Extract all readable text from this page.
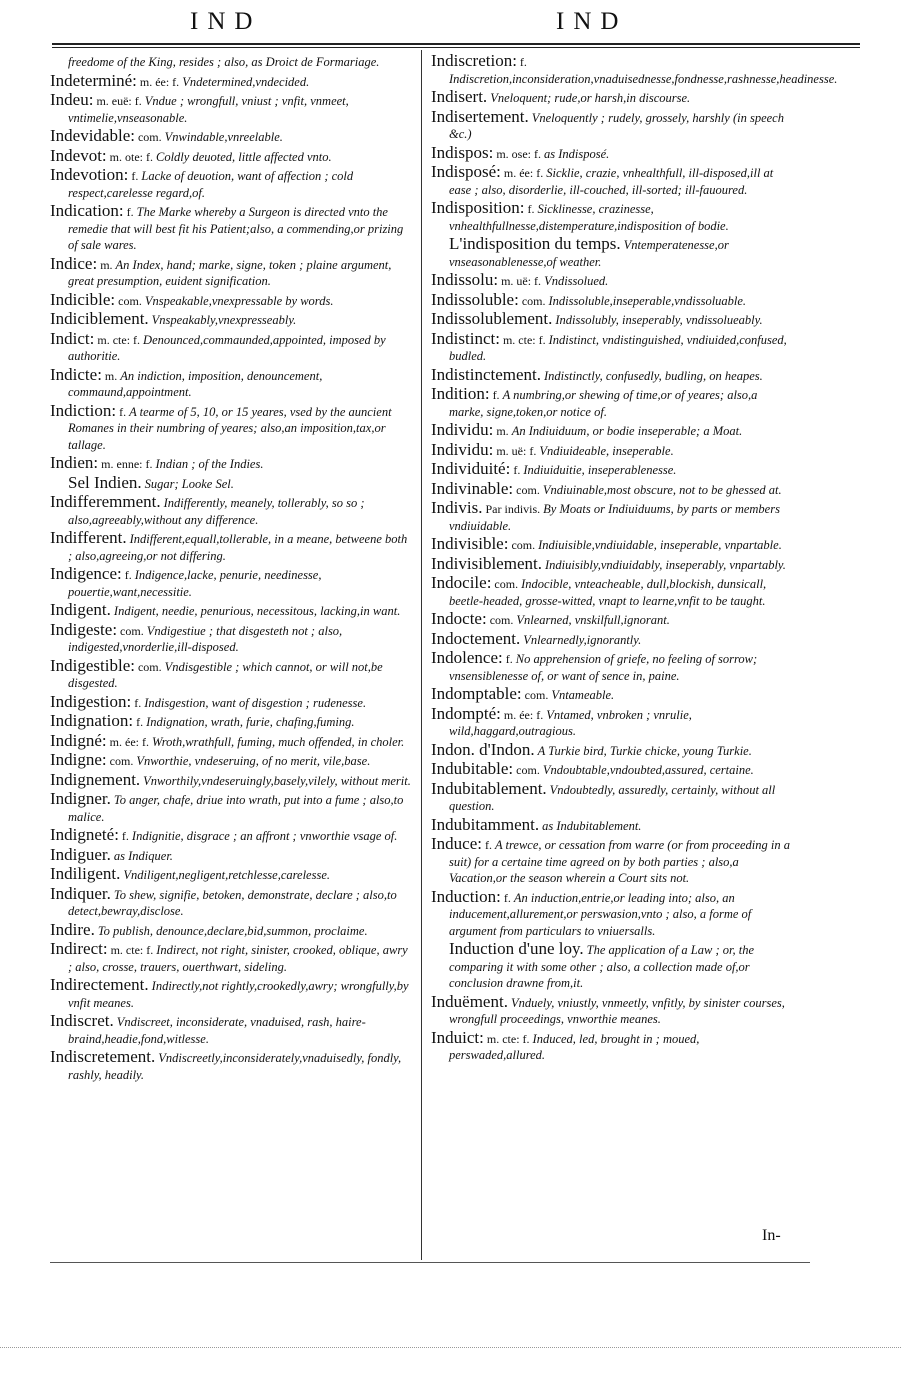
IND	IND

freedome of the King, resides ; also, as Droict de Formariage.

Indeterminé: m. ée: f. Vndetermined,vndecided.

Indeu: m. euë: f. Vndue ; wrongfull, vniust ; vnfit, vnmeet, vntimelie,vnseasonable.

Indevidable: com. Vnwindable,vnreelable.

Indevot: m. ote: f. Coldly deuoted, little affected vnto.

Indevotion: f. Lacke of deuotion, want of affection ; cold respect,carelesse regard,of.

Indication: f. The Marke whereby a Surgeon is directed vnto the remedie that will best fit his Patient;also, a commending,or prizing of sale wares.

Indice: m. An Index, hand; marke, signe, token ; plaine argument, great presumption, euident signification.

Indicible: com. Vnspeakable,vnexpressable by words.

Indiciblement. Vnspeakably,vnexpresseably.

Indict: m. cte: f. Denounced,commaunded,appointed, imposed by authoritie.

Indicte: m. An indiction, imposition, denouncement, commaund,appointment.

Indiction: f. A tearme of 5, 10, or 15 yeares, vsed by the auncient Romanes in their numbring of yeares; also,an imposition,tax,or tallage.

Indien: m. enne: f. Indian ; of the Indies.

Sel Indien. Sugar; Looke Sel.

Indifferemment. Indifferently, meanely, tollerably, so so ; also,agreeably,without any difference.

Indifferent. Indifferent,equall,tollerable, in a meane, betweene both ; also,agreeing,or not differing.

Indigence: f. Indigence,lacke, penurie, needinesse, pouertie,want,necessitie.

Indigent. Indigent, needie, penurious, necessitous, lacking,in want.

Indigeste: com. Vndigestiue ; that disgesteth not ; also, indigested,vnorderlie,ill-disposed.

Indigestible: com. Vndisgestible ; which cannot, or will not,be disgested.

Indigestion: f. Indisgestion, want of disgestion ; rudenesse.

Indignation: f. Indignation, wrath, furie, chafing,fuming.

Indigné: m. ée: f. Wroth,wrathfull, fuming, much offended, in choler.

Indigne: com. Vnworthie, vndeseruing, of no merit, vile,base.

Indignement. Vnworthily,vndeseruingly,basely,vilely, without merit.

Indigner. To anger, chafe, driue into wrath, put into a fume ; also,to malice.

Indigneté: f. Indignitie, disgrace ; an affront ; vnworthie vsage of.

Indiguer. as Indiquer.

Indiligent. Vndiligent,negligent,retchlesse,carelesse.

Indiquer. To shew, signifie, betoken, demonstrate, declare ; also,to detect,bewray,disclose.

Indire. To publish, denounce,declare,bid,summon, proclaime.

Indirect: m. cte: f. Indirect, not right, sinister, crooked, oblique, awry ; also, crosse, trauers, ouerthwart, sideling.

Indirectement. Indirectly,not rightly,crookedly,awry; wrongfully,by vnfit meanes.

Indiscret. Vndiscreet, inconsiderate, vnaduised, rash, haire-braind,headie,fond,witlesse.

Indiscretement. Vndiscreetly,inconsiderately,vnaduisedly, fondly, rashly, headily.

Indiscretion: f. Indiscretion,inconsideration,vnaduisednesse,fondnesse,rashnesse,headinesse.

Indisert. Vneloquent; rude,or harsh,in discourse.

Indisertement. Vneloquently ; rudely, grossely, harshly (in speech &c.)

Indispos: m. ose: f. as Indisposé.

Indisposé: m. ée: f. Sicklie, crazie, vnhealthfull, ill-disposed,ill at ease ; also, disorderlie, ill-couched, ill-sorted; ill-fauoured.

Indisposition: f. Sicklinesse, crazinesse, vnhealthfullnesse,distemperature,indisposition of bodie.

L'indisposition du temps. Vntemperatenesse,or vnseasonablenesse,of weather.

Indissolu: m. uë: f. Vndissolued.

Indissoluble: com. Indissoluble,inseperable,vndissoluable.

Indissolublement. Indissolubly, inseperably, vndissolueably.

Indistinct: m. cte: f. Indistinct, vndistinguished, vndiuided,confused, budled.

Indistinctement. Indistinctly, confusedly, budling, on heapes.

Indition: f. A numbring,or shewing of time,or of yeares; also,a marke, signe,token,or notice of.

Individu: m. An Indiuiduum, or bodie inseperable; a Moat.

Individu: m. uë: f. Vndiuideable, inseperable.

Individuité: f. Indiuiduitie, inseperablenesse.

Indivinable: com. Vndiuinable,most obscure, not to be ghessed at.

Indivis. Par indivis. By Moats or Indiuiduums, by parts or members vndiuidable.

Indivisible: com. Indiuisible,vndiuidable, inseperable, vnpartable.

Indivisiblement. Indiuisibly,vndiuidably, inseperably, vnpartably.

Indocile: com. Indocible, vnteacheable, dull,blockish, dunsicall, beetle-headed, grosse-witted, vnapt to learne,vnfit to be taught.

Indocte: com. Vnlearned, vnskilfull,ignorant.

Indoctement. Vnlearnedly,ignorantly.

Indolence: f. No apprehension of griefe, no feeling of sorrow; vnsensiblenesse of, or want of sence in, paine.

Indomptable: com. Vntameable.

Indompté: m. ée: f. Vntamed, vnbroken ; vnrulie, wild,haggard,outragious.

Indon. d'Indon. A Turkie bird, Turkie chicke, young Turkie.

Indubitable: com. Vndoubtable,vndoubted,assured, certaine.

Indubitablement. Vndoubtedly, assuredly, certainly, without all question.

Indubitamment. as Indubitablement.

Induce: f. A trewce, or cessation from warre (or from proceeding in a suit) for a certaine time agreed on by both parties ; also,a Vacation,or the season wherein a Court sits not.

Induction: f. An induction,entrie,or leading into; also, an inducement,allurement,or perswasion,vnto ; also, a forme of argument from particulars to vniuersalls.

Induction d'une loy. The application of a Law ; or, the comparing it with some other ; also, a collection made of,or conclusion drawne from,it.

Induëment. Vnduely, vniustly, vnmeetly, vnfitly, by sinister courses, wrongfull proceedings, vnworthie meanes.

Induict: m. cte: f. Induced, led, brought in ; moued, perswaded,allured.

In-
